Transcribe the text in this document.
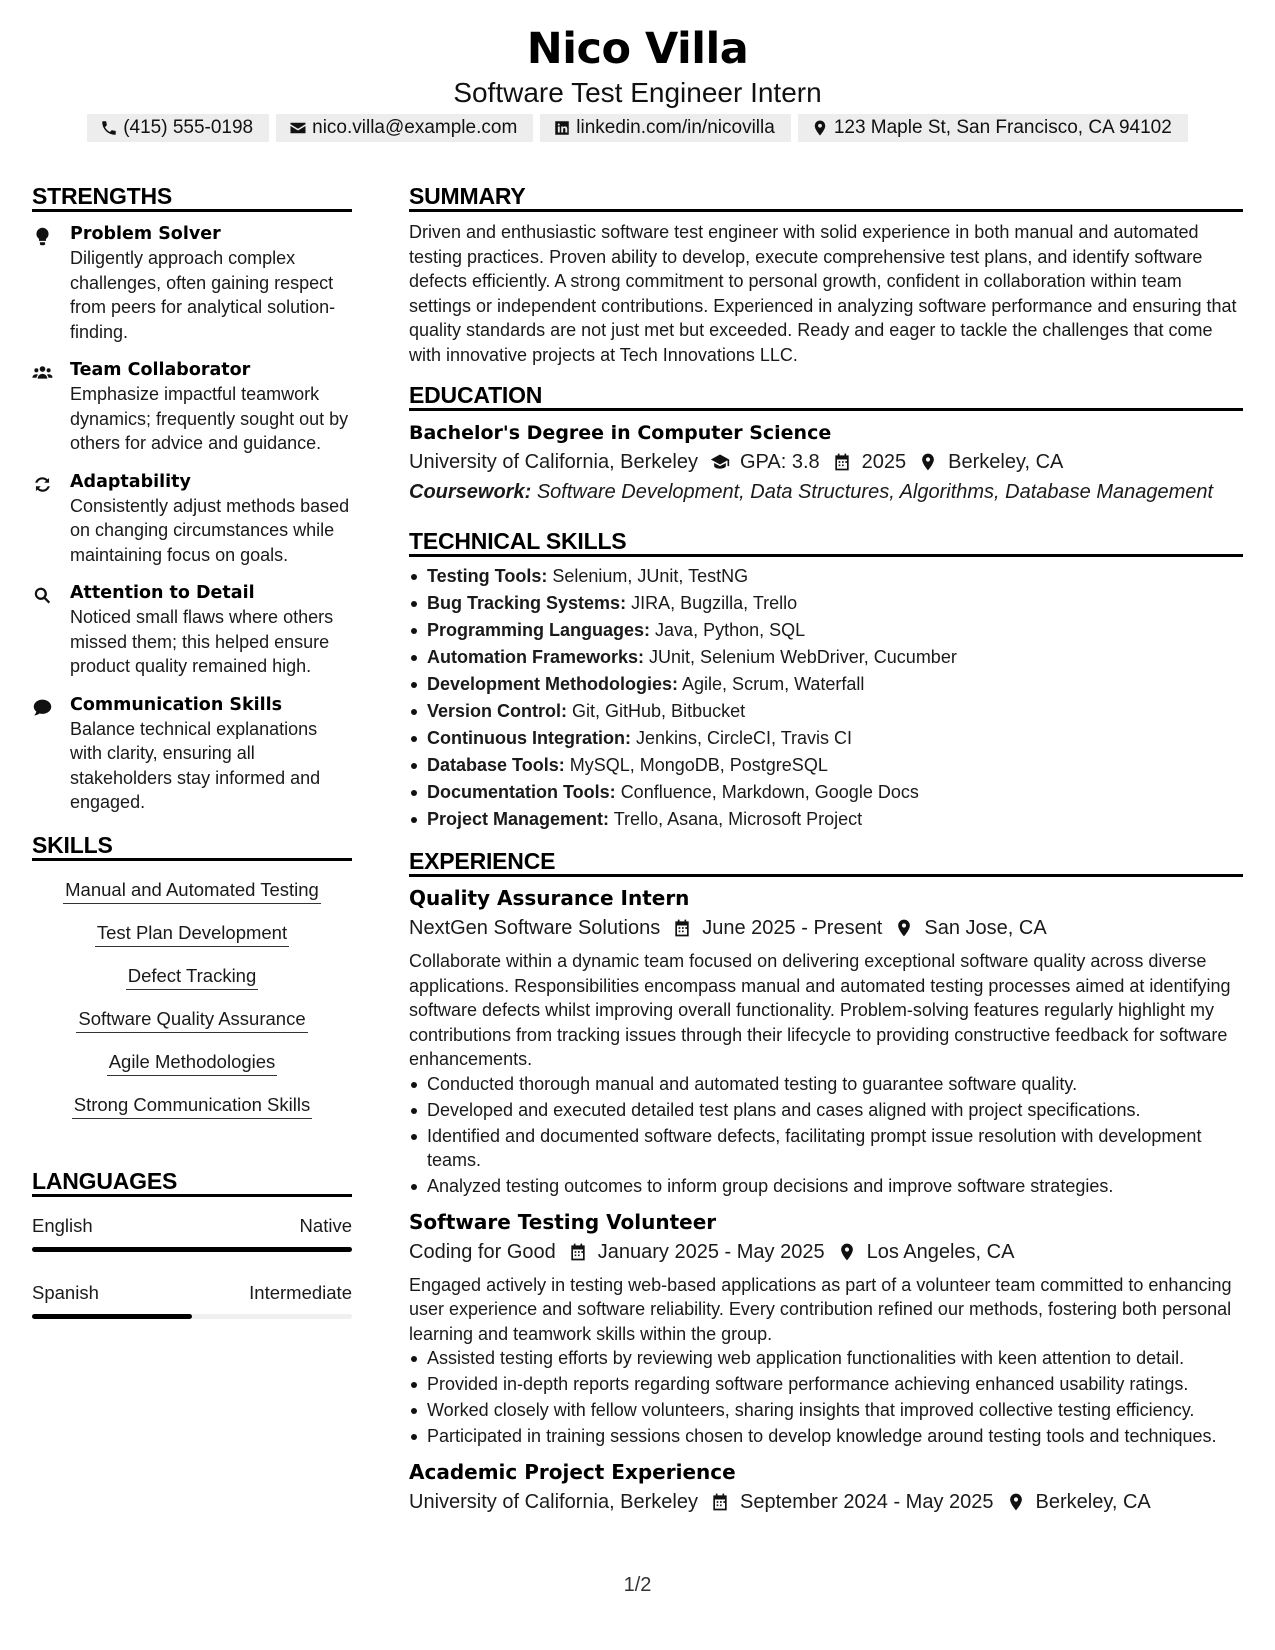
Nico Villa
Software Test Engineer Intern
(415) 555-0198	nico.villa@example.com	linkedin.com/in/nicovilla	123 Maple St, San Francisco, CA 94102
STRENGTHS
Problem Solver
Diligently approach complex challenges, often gaining respect from peers for analytical solution-finding.
Team Collaborator
Emphasize impactful teamwork dynamics; frequently sought out by others for advice and guidance.
Adaptability
Consistently adjust methods based on changing circumstances while maintaining focus on goals.
Attention to Detail
Noticed small flaws where others missed them; this helped ensure product quality remained high.
Communication Skills
Balance technical explanations with clarity, ensuring all stakeholders stay informed and engaged.
SKILLS
Manual and Automated Testing
Test Plan Development
Defect Tracking
Software Quality Assurance
Agile Methodologies
Strong Communication Skills
LANGUAGES
English	Native
Spanish	Intermediate
SUMMARY
Driven and enthusiastic software test engineer with solid experience in both manual and automated testing practices. Proven ability to develop, execute comprehensive test plans, and identify software defects efficiently. A strong commitment to personal growth, confident in collaboration within team settings or independent contributions. Experienced in analyzing software performance and ensuring that quality standards are not just met but exceeded. Ready and eager to tackle the challenges that come with innovative projects at Tech Innovations LLC.
EDUCATION
Bachelor's Degree in Computer Science
University of California, Berkeley GPA: 3.8 2025 Berkeley, CA
Coursework: Software Development, Data Structures, Algorithms, Database Management
TECHNICAL SKILLS
Testing Tools: Selenium, JUnit, TestNG
Bug Tracking Systems: JIRA, Bugzilla, Trello
Programming Languages: Java, Python, SQL
Automation Frameworks: JUnit, Selenium WebDriver, Cucumber
Development Methodologies: Agile, Scrum, Waterfall
Version Control: Git, GitHub, Bitbucket
Continuous Integration: Jenkins, CircleCI, Travis CI
Database Tools: MySQL, MongoDB, PostgreSQL
Documentation Tools: Confluence, Markdown, Google Docs
Project Management: Trello, Asana, Microsoft Project
EXPERIENCE
Quality Assurance Intern
NextGen Software Solutions June 2025 - Present San Jose, CA
Collaborate within a dynamic team focused on delivering exceptional software quality across diverse applications. Responsibilities encompass manual and automated testing processes aimed at identifying software defects whilst improving overall functionality. Problem-solving features regularly highlight my contributions from tracking issues through their lifecycle to providing constructive feedback for software enhancements.
Conducted thorough manual and automated testing to guarantee software quality.
Developed and executed detailed test plans and cases aligned with project specifications.
Identified and documented software defects, facilitating prompt issue resolution with development teams.
Analyzed testing outcomes to inform group decisions and improve software strategies.
Software Testing Volunteer
Coding for Good January 2025 - May 2025 Los Angeles, CA
Engaged actively in testing web-based applications as part of a volunteer team committed to enhancing user experience and software reliability. Every contribution refined our methods, fostering both personal learning and teamwork skills within the group.
Assisted testing efforts by reviewing web application functionalities with keen attention to detail.
Provided in-depth reports regarding software performance achieving enhanced usability ratings.
Worked closely with fellow volunteers, sharing insights that improved collective testing efficiency.
Participated in training sessions chosen to develop knowledge around testing tools and techniques.
Academic Project Experience
University of California, Berkeley September 2024 - May 2025 Berkeley, CA
1/2
